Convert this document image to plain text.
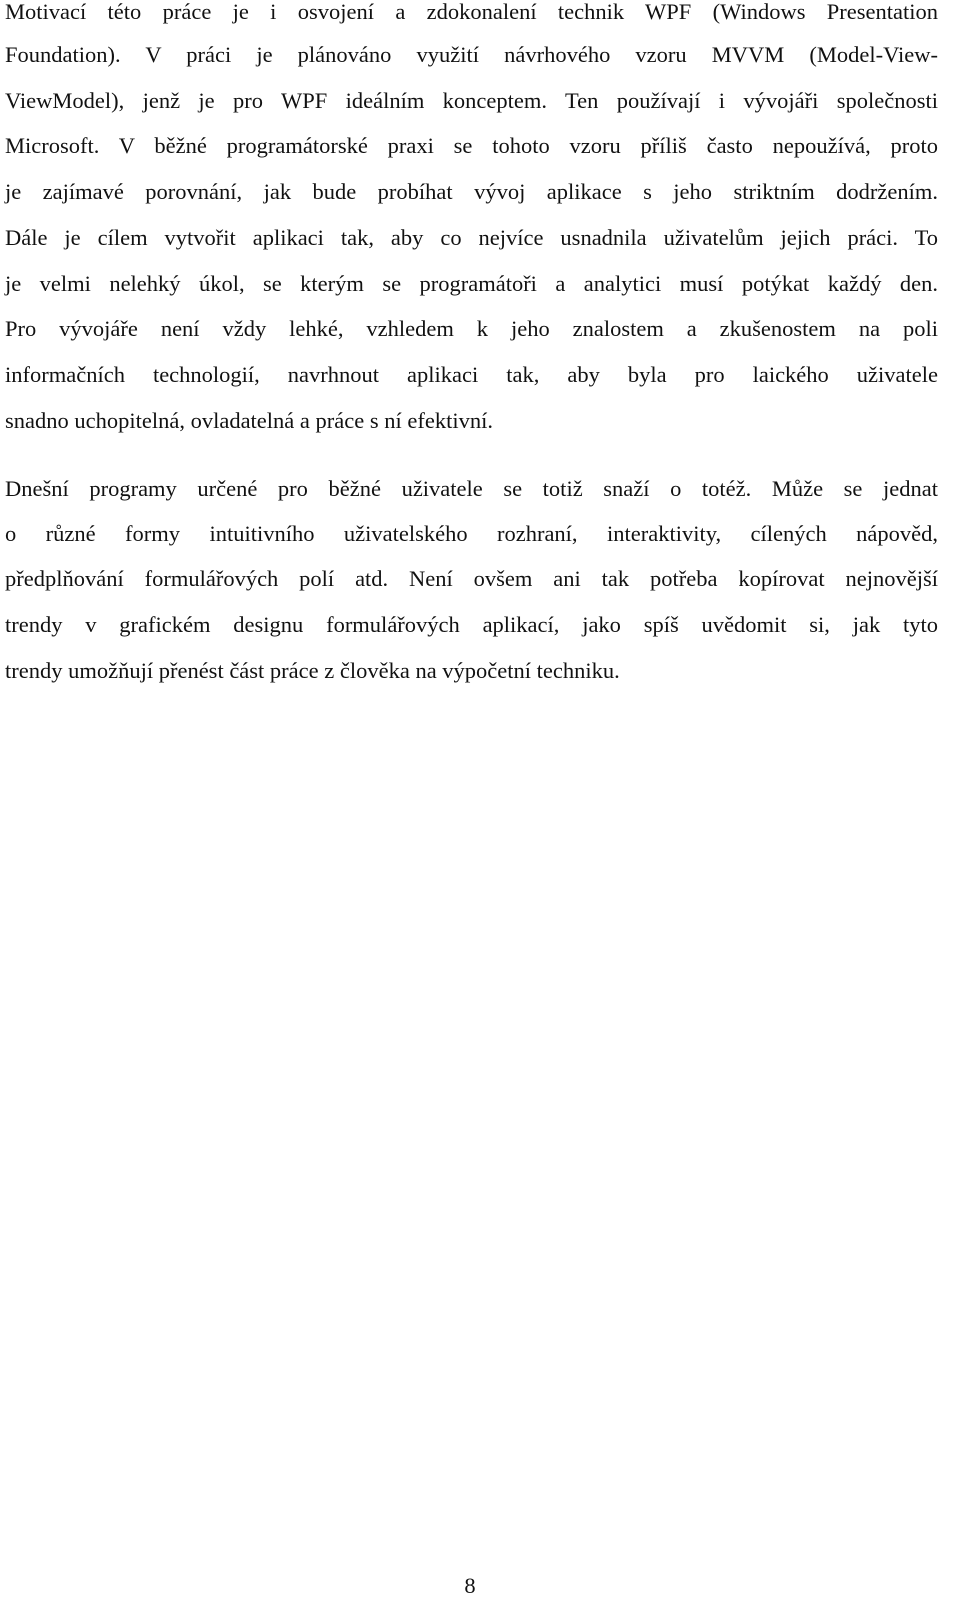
Motivací této práce je i osvojení a zdokonalení technik WPF (Windows Presentation
Foundation). V práci je plánováno využití návrhového vzoru MVVM (Model-View-
ViewModel), jenž je pro WPF ideálním konceptem. Ten používají i vývojáři společnosti
Microsoft. V běžné programátorské praxi se tohoto vzoru příliš často nepoužívá, proto
je zajímavé porovnání, jak bude probíhat vývoj aplikace s jeho striktním dodržením.
Dále je cílem vytvořit aplikaci tak, aby co nejvíce usnadnila uživatelům jejich práci. To
je velmi nelehký úkol, se kterým se programátoři a analytici musí potýkat každý den.
Pro vývojáře není vždy lehké, vzhledem k jeho znalostem a zkušenostem na poli
informačních technologií, navrhnout aplikaci tak, aby byla pro laického uživatele
snadno uchopitelná, ovladatelná a práce s ní efektivní.
Dnešní programy určené pro běžné uživatele se totiž snaží o totéž. Může se jednat
o různé formy intuitivního uživatelského rozhraní, interaktivity, cílených nápověd,
předplňování formulářových polí atd. Není ovšem ani tak potřeba kopírovat nejnovější
trendy v grafickém designu formulářových aplikací, jako spíš uvědomit si, jak tyto
trendy umožňují přenést část práce z člověka na výpočetní techniku.
8
